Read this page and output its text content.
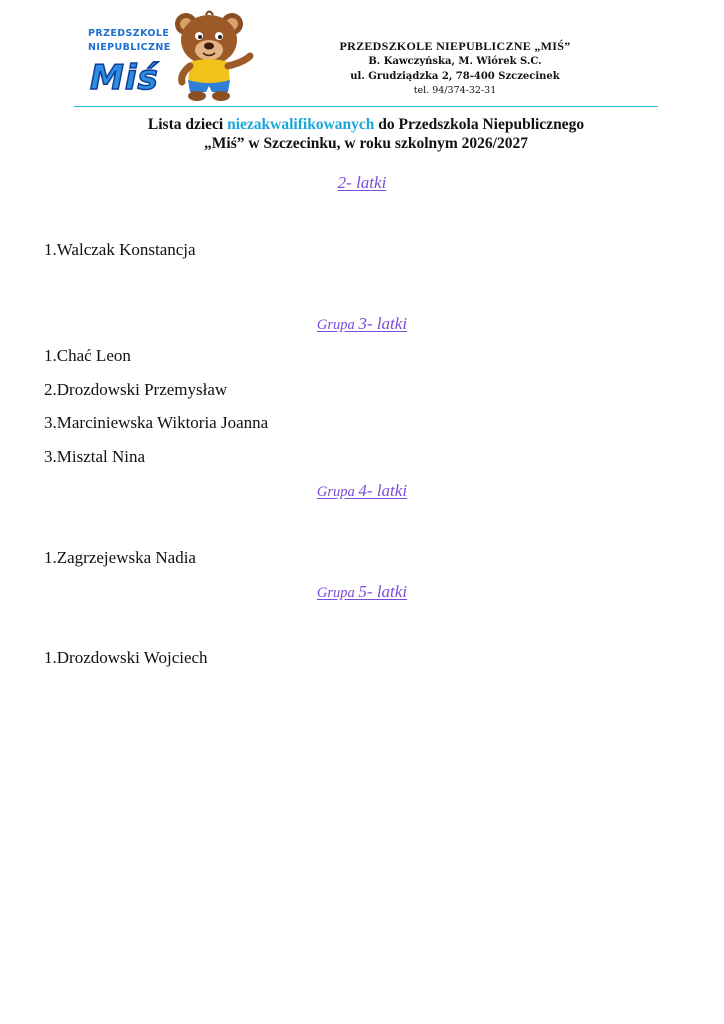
PRZEDSZKOLE
NIEPUBLICZNE
Miś
PRZEDSZKOLE NIEPUBLICZNE „MIŚ”
B. Kawczyńska, M. Wiórek S.C.
ul. Grudziądzka 2, 78-400 Szczecinek
tel. 94/374-32-31
Lista dzieci niezakwalifikowanych do Przedszkola Niepublicznego
„Miś” w Szczecinku, w roku szkolnym 2026/2027
2- latki
1.Walczak Konstancja
Grupa 3- latki
1.Chać Leon
2.Drozdowski Przemysław
3.Marciniewska Wiktoria Joanna
3.Misztal Nina
Grupa 4- latki
1.Zagrzejewska Nadia
Grupa 5- latki
1.Drozdowski Wojciech
